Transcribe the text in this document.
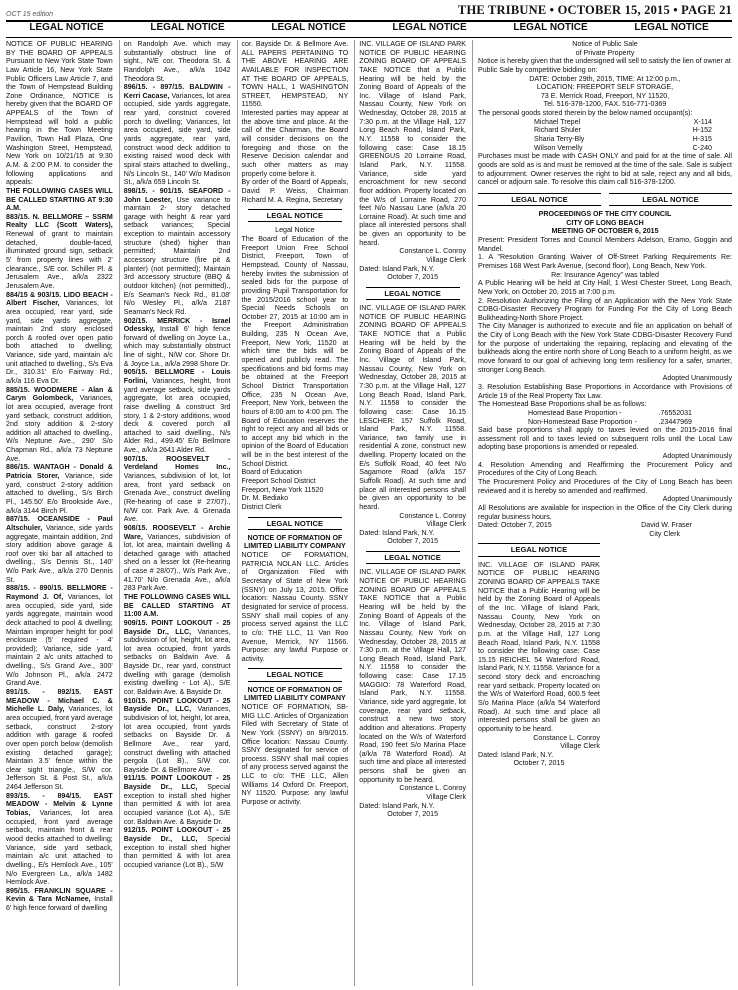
OCT 15 edition	THE TRIBUNE • OCTOBER 15, 2015 • PAGE 21
LEGAL NOTICE	LEGAL NOTICE	LEGAL NOTICE	LEGAL NOTICE	LEGAL NOTICE	LEGAL NOTICE

NOTICE OF PUBLIC HEARING BY THE BOARD OF APPEALS Pursuant to New York State Town Law Article 16, New York State Public Officers Law Article 7, and the Town of Hempstead Building Zone Ordinance, NOTICE is hereby given that the BOARD OF APPEALS of the Town of Hempstead will hold a public hearing in the Town Meeting Pavilion, Town Hall Plaza, One Washington Street, Hempstead, New York on 10/21/15 at 9:30 A.M. & 2:00 P.M. to consider the following applications and appeals:

THE FOLLOWING CASES WILL BE CALLED STARTING AT 9:30 A.M.

883/15. N. BELLMORE – SSRM Realty LLC (Scott Waters), Renewal of grant to maintain detached, double-faced, illuminated ground sign, setback 5' from property lines with 2' clearance., S/E cor. Schiller Pl. & Jerusalem Ave., a/k/a 2322 Jerusalem Ave.

884/15 & 903/15. LIDO BEACH - Albert Fischer, Variances, lot area occupied, rear yard, side yard, side yards aggregate, maintain 2nd story enclosed porch & roofed over open patio both attached to dwelling; Variance, side yard, maintain a/c unit attached to dwelling., S/s Eva Dr., 310.31' E/o Fairway Rd., a/k/a 116 Eva Dr.

885/15. WOODMERE - Alan & Caryn Golombeck, Variances, lot area occupied, average front yard setback, construct addition, 2nd story addition & 2-story addition all attached to dwelling., W/s Neptune Ave., 290' S/o Chapman Rd., a/k/a 73 Neptune Ave.

886/15. WANTAGH - Donald & Patricia Storer, Variance, side yard, construct 2-story addition attached to dwelling., S/s Birch Pl., 145.50' E/o Brookside Ave., a/k/a 3144 Birch Pl.

887/15. OCEANSIDE - Paul Altschuler, Variance, side yards aggregate, maintain addition, 2nd story addition above garage & roof over tiki bar all attached to dwelling., S/s Dennis St., 140' W/o Park Ave., a/k/a 270 Dennis St.

888/15. - 890/15. BELLMORE - Raymond J. Of, Variances, lot area occupied, side yard, side yards aggregate, maintain wood deck attached to pool & dwelling; Maintain improper height for pool enclosure (5' required - 4' provided); Variance, side yard, maintain 2 a/c units attached to dwelling., S/s Grand Ave., 300' W/o Johnson Pl., a/k/a 2472 Grand Ave.

891/15. - 892/15. EAST MEADOW - Michael C. & Michelle L. Daly, Variances, lot area occupied, front yard average setback, construct 2-story addition with garage & roofed over open porch below (demolish existing detached garage); Maintain 3.5' fence within the clear sight triangle., S/W cor. Jefferson St. & Post St., a/k/a 2464 Jefferson St.

893/15. - 894/15. EAST MEADOW - Melvin & Lynne Tobias, Variances, lot area occupied, front yard average setback, maintain front & rear wood decks attached to dwelling; Variance, side yard setback, maintain a/c unit attached to dwelling., E/s Hemlock Ave., 105' N/o Evergreen La., a/k/a 1482 Hemlock Ave.

895/15. FRANKLIN SQUARE - Kevin & Tara McNamee, Install 6' high fence forward of dwelling

on Randolph Ave. which may substantially obstruct line of sight., N/E cor. Theodora St. & Randolph Ave., a/k/a 1042 Theodora St.

896/15. - 897/15. BALDWIN - Kerri Cacase, Variances, lot area occupied, side yards aggregate, rear yard, construct covered porch to dwelling; Variances, lot area occupied, side yard, side yards aggregate, rear yard, construct wood deck addition to existing raised wood deck with spiral stairs attached to dwelling., N/s Lincoln St., 140' W/o Madison St., a/k/a 659 Lincoln St.

898/15. - 901/15. SEAFORD - John Loester, Use variance to maintain 2- story detached garage with height & rear yard setback variances; Special exception to maintain accessory structure (shed) higher than permitted; Maintain 2nd accessory structure (fire pit & planter) (not permitted); Maintain 3rd accessory structure (BBQ & outdoor kitchen) (not permitted)., E/s Seaman's Neck Rd., 81.08' N/o Wesley Pl., a/k/a 2187 Seaman's Neck Rd.

902/15. MERRICK - Israel Odessky, Install 6' high fence forward of dwelling on Joyce La., which may substantially obstruct line of sight., N/W cor. Shore Dr. & Joyce La., a/k/a 2998 Shore Dr.

905/15. BELLMORE - Louis Forlini, Variances, height, front yard average setback, side yards aggregate, lot area occupied, raise dwelling & construct 3rd story, 1 & 2-story additions, wood deck & covered porch all attached to said dwelling., N/s Alder Rd., 499.45' E/o Bellmore Ave., a/k/a 2641 Alder Rd.

907/15. ROOSEVELT - Verdeland Homes Inc., Variances, subdivision of lot, lot area, front yard setback on Grenada Ave., construct dwelling (Re-hearing of case # 27/07)., N/W cor. Park Ave. & Grenada Ave.

908/15. ROOSEVELT - Archie Ware, Variances, subdivision of lot, lot area, maintain dwelling & detached garage with attached shed on a lesser lot (Re-hearing of case # 28/07)., W/s Park Ave., 41.70' N/o Grenada Ave., a/k/a 283 Park Ave.

THE FOLLOWING CASES WILL BE CALLED STARTING AT 11:00 A.M.

909/15. POINT LOOKOUT - 25 Bayside Dr., LLC, Variances, subdivision of lot, height, lot area, lot area occupied, front yards setbacks on Baldwin Ave. & Bayside Dr., rear yard, construct dwelling with garage (demolish existing dwelling - Lot A)., S/E cor. Baldwin Ave. & Bayside Dr.

910/15. POINT LOOKOUT - 25 Bayside Dr., LLC, Variances, subdivision of lot, height, lot area, lot area occupied, front yards setbacks on Bayside Dr. & Bellmore Ave., rear yard, construct dwelling with attached pergola (Lot B)., S/W cor. Bayside Dr. & Bellmore Ave.

911/15. POINT LOOKOUT - 25 Bayside Dr., LLC, Special exception to install shed higher than permitted & with lot area occupied variance (Lot A)., S/E cor. Baldwin Ave. & Bayside Dr.

912/15. POINT LOOKOUT - 25 Bayside Dr., LLC, Special exception to install shed higher than permitted & with lot area occupied variance (Lot B)., S/W

cor. Bayside Dr. & Bellmore Ave. ALL PAPERS PERTAINING TO THE ABOVE HEARING ARE AVAILABLE FOR INSPECTION AT THE BOARD OF APPEALS, TOWN HALL, 1 WASHINGTON STREET, HEMPSTEAD, NY 11550.

Interested parties may appear at the above time and place. At the call of the Chairman, the Board will consider decisions on the foregoing and those on the Reserve Decision calendar and such other matters as may properly come before it.

By order of the Board of Appeals, David P. Weiss, Chairman Richard M. A. Regina, Secretary

LEGAL NOTICE

Legal Notice

The Board of Education of the Freeport Union Free School District, Freeport, Town of Hempstead, County of Nassau, hereby invites the submission of sealed bids for the purpose of providing Pupil Transportation for the 2015/2016 school year to Special Needs Schools on October 27, 2015 at 10:00 am in the Freeport Administration Building, 235 N Ocean Ave, Freeport, New York, 11520 at which time the bids will be opened and publicly read. The specifications and bid forms may be obtained at the Freeport School District Transportation Office, 235 N Ocean Ave, Freeport, New York, between the hours of 8:00 am to 4:00 pm. The Board of Education reserves the right to reject any and all bids or to accept any bid which in the opinion of the Board of Education will be in the best interest of the School District.

Board of Education
Freeport School District
Freeport, New York 11520
Dr. M. Bediako
District Clerk
LEGAL NOTICE

NOTICE OF FORMATION OF LIMITED LIABILITY COMPANY

NOTICE OF FORMATION, PATRICIA NOLAN LLC. Articles of Organization Filed with Secretary of State of New York (SSNY) on July 13, 2015. Office location: Nassau County. SSNY designated for service of process. SSNY shall mail copies of any process served against the LLC to c/o: THE LLC, 11 Van Roo Avenue, Merrick, NY 11566. Purpose: any lawful Purpose or activity.

LEGAL NOTICE

NOTICE OF FORMATION OF LIMITED LIABILITY COMPANY

NOTICE OF FORMATION, SB-MIG LLC. Articles of Organization Filed with Secretary of State of New York (SSNY) on 9/9/2015. Office location: Nassau County. SSNY designated for service of process. SSNY shall mail copies of any process served against the LLC to c/o: THE LLC, Allen Williams 14 Oxford Dr. Freeport, NY 11520. Purpose: any lawful Purpose or activity.

INC. VILLAGE OF ISLAND PARK NOTICE OF PUBLIC HEARING ZONING BOARD OF APPEALS TAKE NOTICE that a Public Hearing will be held by the Zoning Board of Appeals of the Inc. Village of Island Park, Nassau County, New York on Wednesday, October 28, 2015 at 7:30 p.m. at the Village Hall, 127 Long Beach Road, Island Park, N.Y. 11558 to consider the following case: Case 18.15 GREENGUS 20 Lorraine Road, Island Park, N.Y. 11558. Variance, side yard encroachment for new second floor addition. Property located on the W/s of Lorraine Road, 270 feet N/o Nassau Lane (a/k/a 20 Lorraine Road). At such time and place all interested persons shall be given an opportunity to be heard.

Constance L. Conroy
Village Clerk
Dated: Island Park, N.Y.
October 7, 2015
LEGAL NOTICE

INC. VILLAGE OF ISLAND PARK NOTICE OF PUBLIC HEARING ZONING BOARD OF APPEALS TAKE NOTICE that a Public Hearing will be held by the Zoning Board of Appeals of the Inc. Village of Island Park, Nassau County, New York on Wednesday, October 28, 2015 at 7:30 p.m. at the Village Hall, 127 Long Beach Road, Island Park, N.Y. 11558 to consider the following case: Case 16.15 LESCHER: 157 Suffolk Road, Island Park, N.Y. 11558. Variance, two family use in residential A zone, construct new dwelling. Property located on the E/s Suffolk Road, 40 feet N/o Sagamore Road (a/k/a 157 Suffolk Road). At such time and place all interested persons shall be given an opportunity to be heard.

Constance L. Conroy
Village Clerk
Dated: Island Park, N.Y.
October 7, 2015
LEGAL NOTICE

INC. VILLAGE OF ISLAND PARK NOTICE OF PUBLIC HEARING ZONING BOARD OF APPEALS TAKE NOTICE that a Public Hearing will be held by the Zoning Board of Appeals of the Inc. Village of Island Park, Nassau County, New York on Wednesday, October 28, 2015 at 7:30 p.m. at the Village Hall, 127 Long Beach Road, Island Park, N.Y. 11558 to consider the following case: Case 17.15 MAGGIO: 78 Waterford Road, Island Park, N.Y. 11558. Variance, side yard aggregate, lot coverage, rear yard setback, construct a new two story addition and alterations. Property located on the W/s of Waterford Road, 190 feet S/o Marina Place (a/k/a 78 Waterford Road). At such time and place all interested persons shall be given an opportunity to be heard.

Constance L. Conroy
Village Clerk
Dated: Island Park, N.Y.
October 7, 2015
Notice of Public Sale
of Private Property

Notice is hereby given that the undersigned will sell to satisfy the lien of owner at Public Sale by competitive bidding on:

DATE: October 29th, 2015, TIME: At 12:00 p.m.,
LOCATION: FREEPORT SELF STORAGE,
73 E. Merrick Road, Freeport, NY 11520,
Tel. 516-378-1200, FAX. 516-771-0369

The personal goods stored therein by the below named occupant(s):

Michael Trepel	X-114
Richard Shuler	H-152
Sharia Terry-Bly	H-315
Wilson Vernelly	C-240

Purchases must be made with CASH ONLY and paid for at the time of sale. All goods are sold as is and must be removed at the time of the sale. Sale is subject to adjournment. Owner reserves the right to bid at sale, reject any and all bids, cancel or adjourn sale. To resolve this claim call 516-378-1200.

LEGAL NOTICE	LEGAL NOTICE
PROCEEDINGS OF THE CITY COUNCIL
CITY OF LONG BEACH
MEETING OF OCTOBER 6, 2015

Present: President Torres and Council Members Adelson, Eramo, Goggin and Mandel.

1. A "Resolution Granting Waiver of Off-Street Parking Requirements Re: Premises 168 West Park Avenue, (second floor), Long Beach, New York.

Re: Insurance Agency" was tabled

A Public Hearing will be held at City Hall, 1 West Chester Street, Long Beach, New York, on October 20, 2015 at 7:00 p.m.

2. Resolution Authorizing the Filing of an Application with the New York State CDBG-Disaster Recovery Program for Funding For the City of Long Beach Bulkheading-North Shore Project.

The City Manager is authorized to execute and file an application on behalf of the City of Long Beach with the New York State CDBG-Disaster Recovery Fund for the purpose of undertaking the repairing, replacing and elevating of the bulkheads along the entire north shore of Long Beach to a uniform height, as we move forward to our goal of achieving long term resiliency for a safer, smarter, stronger Long Beach.

Adopted Unanimously

3. Resolution Establishing Base Proportions in Accordance with Provisions of Article 19 of the Real Property Tax Law.

The Homestead Base Proportions shall be as follows:

Homestead Base Proportion -	.76552031
Non-Homestead Base Proportion -	.23447969

Said base proportions shall apply to taxes levied on the 2015-2016 final assessment roll and to taxes levied on subsequent rolls until the Local Law adopting base proportions is amended or repealed.

Adopted Unanimously

4. Resolution Amending and Reaffirming the Procurement Policy and Procedures of the City of Long Beach.

The Procurement Policy and Procedures of the City of Long Beach has been reviewed and it is hereby so amended and reaffirmed.

Adopted Unanimously

All Resolutions are available for inspection in the Office of the City Clerk during regular business hours.

Dated: October 7, 2015	David W. Fraser
City Clerk
LEGAL NOTICE

INC. VILLAGE OF ISLAND PARK NOTICE OF PUBLIC HEARING ZONING BOARD OF APPEALS TAKE NOTICE that a Public Hearing will be held by the Zoning Board of Appeals of the Inc. Village of Island Park, Nassau County, New York on Wednesday, October 28, 2015 at 7:30 p.m. at the Village Hall, 127 Long Beach Road, Island Park, N.Y. 11558 to consider the following case: Case 15.15 REICHEL 54 Waterford Road, Island Park, N.Y. 11558. Variance for a second story deck and encroaching rear yard setback. Property located on the W/s of Waterford Road, 600.5 feet S/o Marina Place (a/k/a 54 Waterford Road). At such time and place all interested persons shall be given an opportunity to be heard.

Constance L. Conroy
Village Clerk
Dated: Island Park, N.Y.
October 7, 2015
